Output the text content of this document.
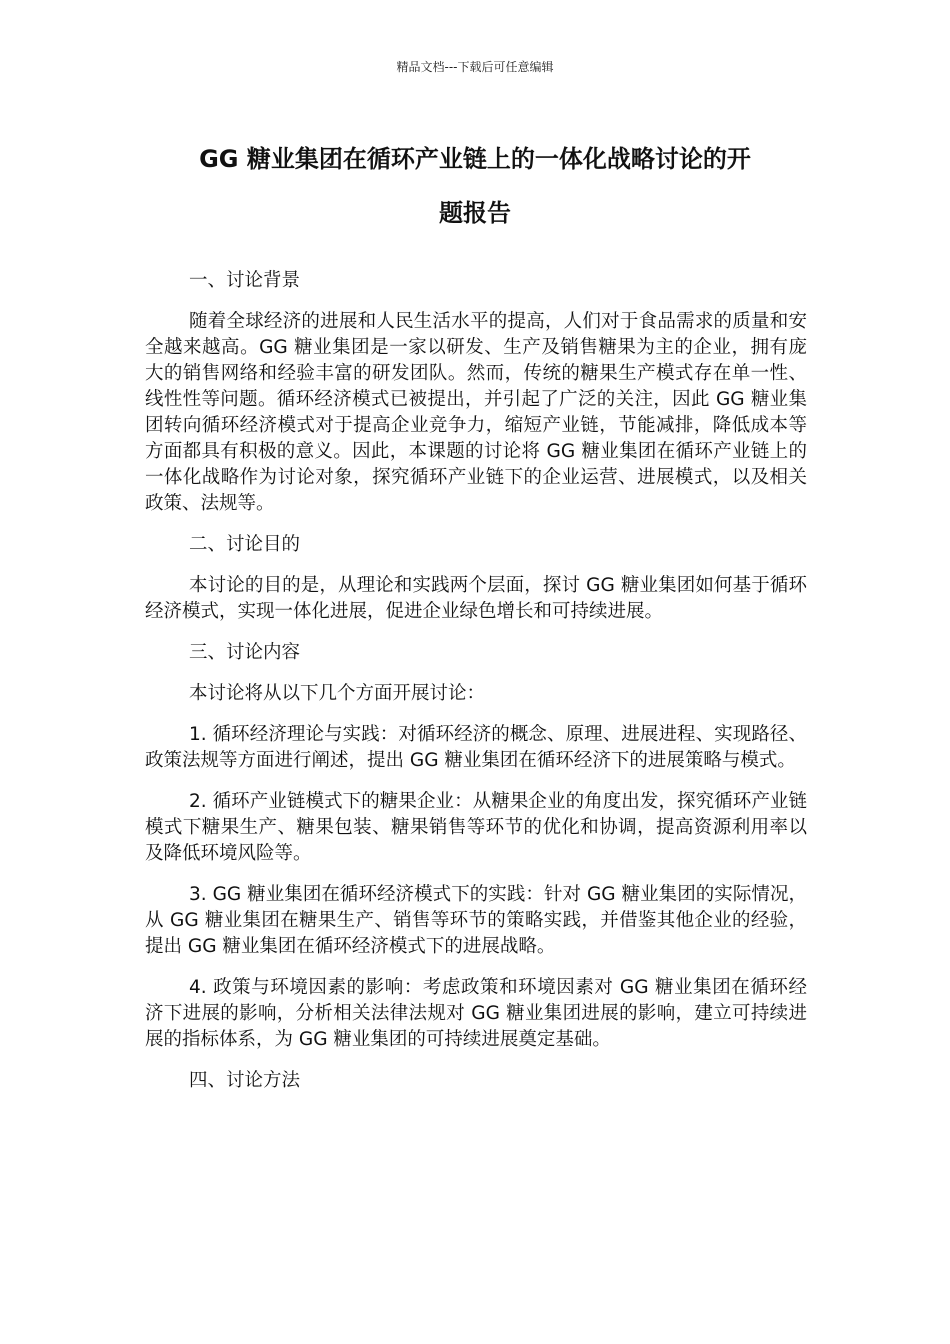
精品文档---下载后可任意编辑
GG 糖业集团在循环产业链上的一体化战略讨论的开
题报告

一、讨论背景

随着全球经济的进展和人民生活水平的提高，人们对于食品需求的质量和安全越来越高。GG 糖业集团是一家以研发、生产及销售糖果为主的企业，拥有庞大的销售网络和经验丰富的研发团队。然而，传统的糖果生产模式存在单一性、线性性等问题。循环经济模式已被提出，并引起了广泛的关注，因此 GG 糖业集团转向循环经济模式对于提高企业竞争力，缩短产业链，节能减排，降低成本等方面都具有积极的意义。因此，本课题的讨论将 GG 糖业集团在循环产业链上的一体化战略作为讨论对象，探究循环产业链下的企业运营、进展模式，以及相关政策、法规等。

二、讨论目的

本讨论的目的是，从理论和实践两个层面，探讨 GG 糖业集团如何基于循环经济模式，实现一体化进展，促进企业绿色增长和可持续进展。

三、讨论内容

本讨论将从以下几个方面开展讨论：

1. 循环经济理论与实践：对循环经济的概念、原理、进展进程、实现路径、政策法规等方面进行阐述，提出 GG 糖业集团在循环经济下的进展策略与模式。

2. 循环产业链模式下的糖果企业：从糖果企业的角度出发，探究循环产业链模式下糖果生产、糖果包装、糖果销售等环节的优化和协调，提高资源利用率以及降低环境风险等。

3. GG 糖业集团在循环经济模式下的实践：针对 GG 糖业集团的实际情况，从 GG 糖业集团在糖果生产、销售等环节的策略实践，并借鉴其他企业的经验，提出 GG 糖业集团在循环经济模式下的进展战略。

4. 政策与环境因素的影响：考虑政策和环境因素对 GG 糖业集团在循环经济下进展的影响，分析相关法律法规对 GG 糖业集团进展的影响，建立可持续进展的指标体系，为 GG 糖业集团的可持续进展奠定基础。

四、讨论方法
